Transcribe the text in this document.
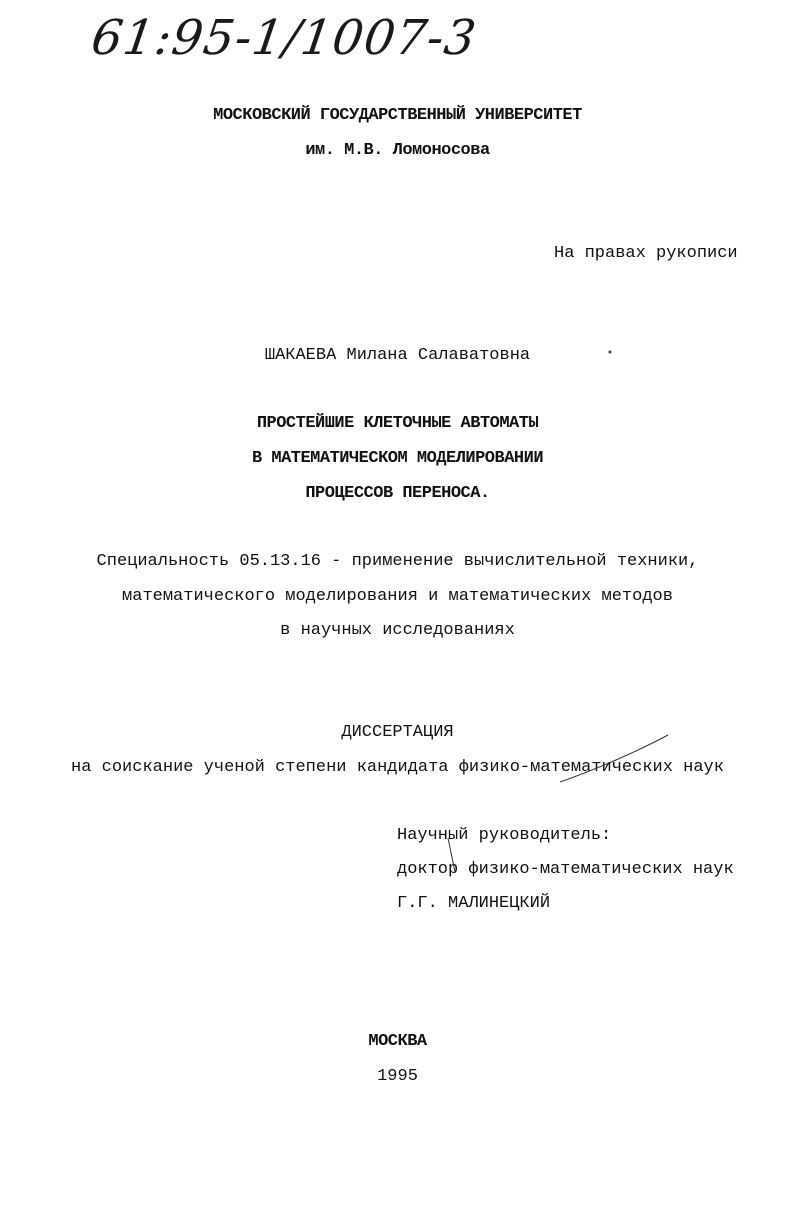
61:95-1/1007-3
МОСКОВСКИЙ ГОСУДАРСТВЕННЫЙ УНИВЕРСИТЕТ
им. М.В. Ломоносова
На правах рукописи
ШАКАЕВА Милана Салаватовна
ПРОСТЕЙШИЕ КЛЕТОЧНЫЕ АВТОМАТЫ
В МАТЕМАТИЧЕСКОМ МОДЕЛИРОВАНИИ
ПРОЦЕССОВ ПЕРЕНОСА.
Специальность 05.13.16 - применение вычислительной техники,
математического моделирования и математических методов
в научных исследованиях
ДИССЕРТАЦИЯ
на соискание ученой степени кандидата физико-математических наук
Научный руководитель:
доктор физико-математических наук
Г.Г. МАЛИНЕЦКИЙ
МОСКВА
1995
